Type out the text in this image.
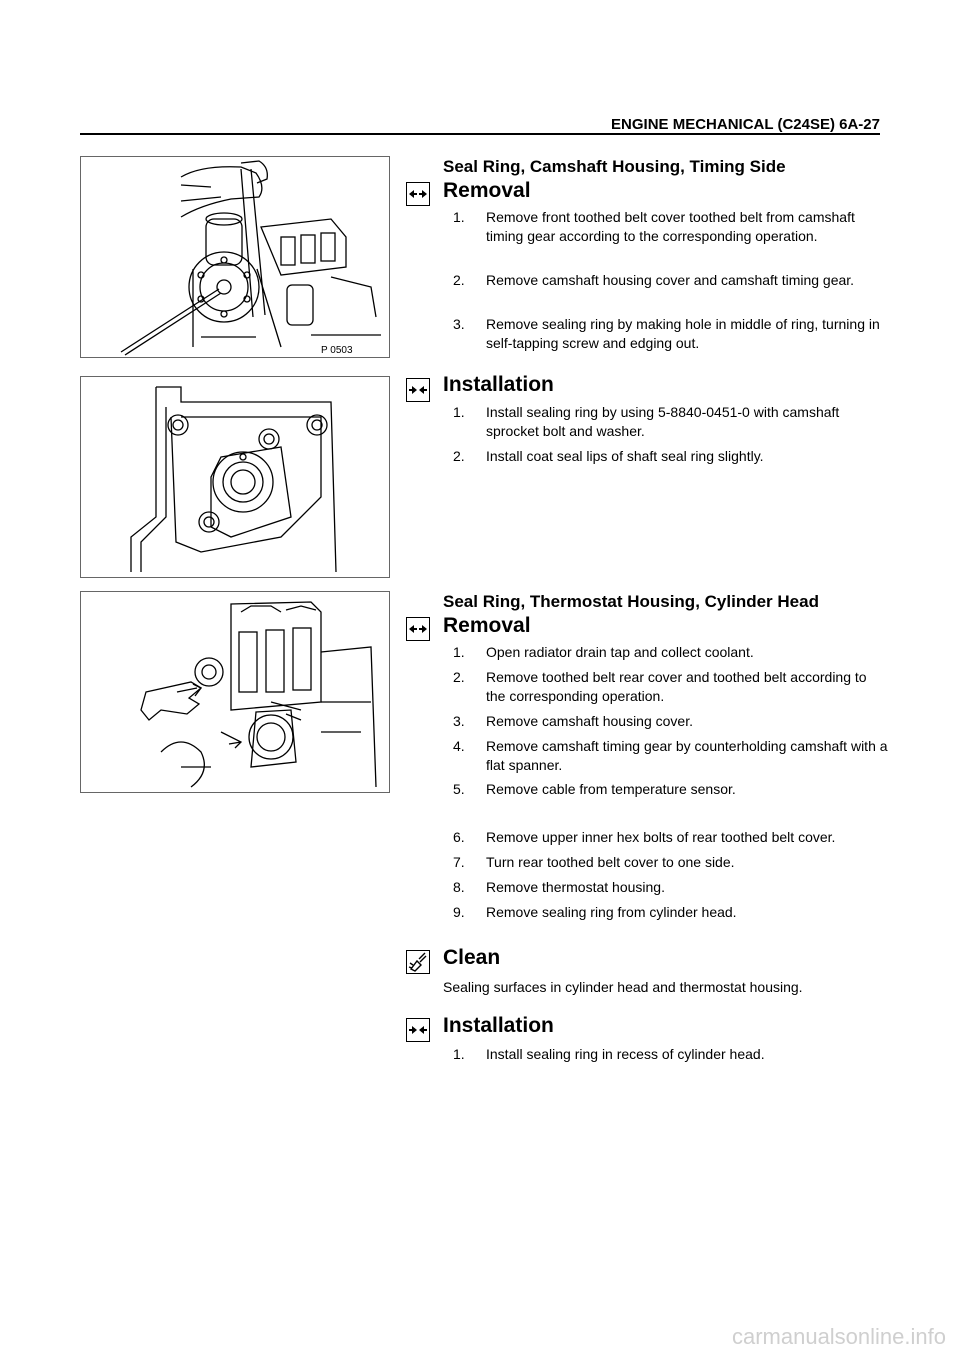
ENGINE MECHANICAL (C24SE) 6A-27
P 0503
Seal Ring, Camshaft Housing, Timing Side
Removal
1. Remove front toothed belt cover toothed belt from camshaft timing gear according to the corresponding operation.
2. Remove camshaft housing cover and camshaft timing gear.
3. Remove sealing ring by making hole in middle of ring, turning in self-tapping screw and edging out.
Installation
1. Install sealing ring by using 5-8840-0451-0 with camshaft sprocket bolt and washer.
2. Install coat seal lips of shaft seal ring slightly.
Seal Ring, Thermostat Housing, Cylinder Head
Removal
1. Open radiator drain tap and collect coolant.
2. Remove toothed belt rear cover and toothed belt according to the corresponding operation.
3. Remove camshaft housing cover.
4. Remove camshaft timing gear by counterholding camshaft with a flat spanner.
5. Remove cable from temperature sensor.
6. Remove upper inner hex bolts of rear toothed belt cover.
7. Turn rear toothed belt cover to one side.
8. Remove thermostat housing.
9. Remove sealing ring from cylinder head.
Clean
Sealing surfaces in cylinder head and thermostat housing.
Installation
1. Install sealing ring in recess of cylinder head.
carmanualsonline.info
